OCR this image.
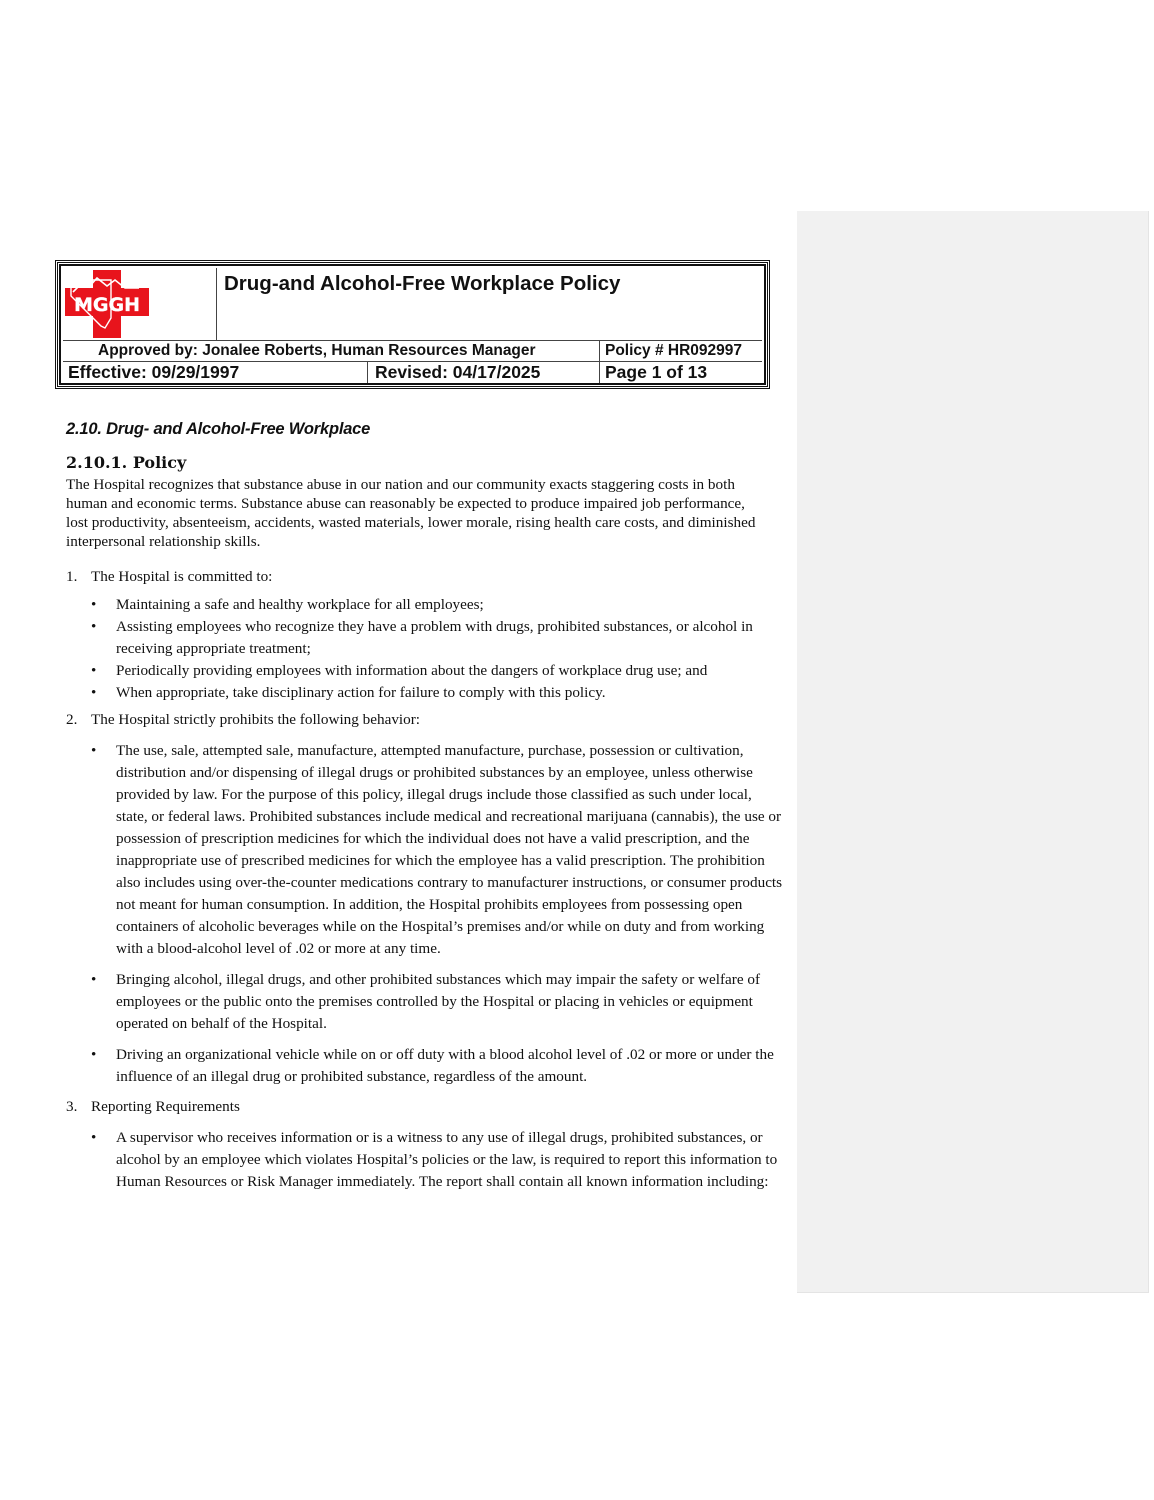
MGGH
Drug-and Alcohol-Free Workplace Policy
Approved by: Jonalee Roberts, Human Resources Manager	Policy # HR092997
Effective: 09/29/1997	Revised: 04/17/2025	Page 1 of 13
2.10. Drug- and Alcohol-Free Workplace
2.10.1. Policy

The Hospital recognizes that substance abuse in our nation and our community exacts staggering costs in both human and economic terms. Substance abuse can reasonably be expected to produce impaired job performance, lost productivity, absenteeism, accidents, wasted materials, lower morale, rising health care costs, and diminished interpersonal relationship skills.

1. The Hospital is committed to:
• Maintaining a safe and healthy workplace for all employees;
• Assisting employees who recognize they have a problem with drugs, prohibited substances, or alcohol in receiving appropriate treatment;
• Periodically providing employees with information about the dangers of workplace drug use; and
• When appropriate, take disciplinary action for failure to comply with this policy.
2. The Hospital strictly prohibits the following behavior:
• The use, sale, attempted sale, manufacture, attempted manufacture, purchase, possession or cultivation, distribution and/or dispensing of illegal drugs or prohibited substances by an employee, unless otherwise provided by law. For the purpose of this policy, illegal drugs include those classified as such under local, state, or federal laws. Prohibited substances include medical and recreational marijuana (cannabis), the use or possession of prescription medicines for which the individual does not have a valid prescription, and the inappropriate use of prescribed medicines for which the employee has a valid prescription. The prohibition also includes using over-the-counter medications contrary to manufacturer instructions, or consumer products not meant for human consumption. In addition, the Hospital prohibits employees from possessing open containers of alcoholic beverages while on the Hospital’s premises and/or while on duty and from working with a blood-alcohol level of .02 or more at any time.
• Bringing alcohol, illegal drugs, and other prohibited substances which may impair the safety or welfare of employees or the public onto the premises controlled by the Hospital or placing in vehicles or equipment operated on behalf of the Hospital.
• Driving an organizational vehicle while on or off duty with a blood alcohol level of .02 or more or under the influence of an illegal drug or prohibited substance, regardless of the amount.
3. Reporting Requirements
• A supervisor who receives information or is a witness to any use of illegal drugs, prohibited substances, or alcohol by an employee which violates Hospital’s policies or the law, is required to report this information to Human Resources or Risk Manager immediately. The report shall contain all known information including:
